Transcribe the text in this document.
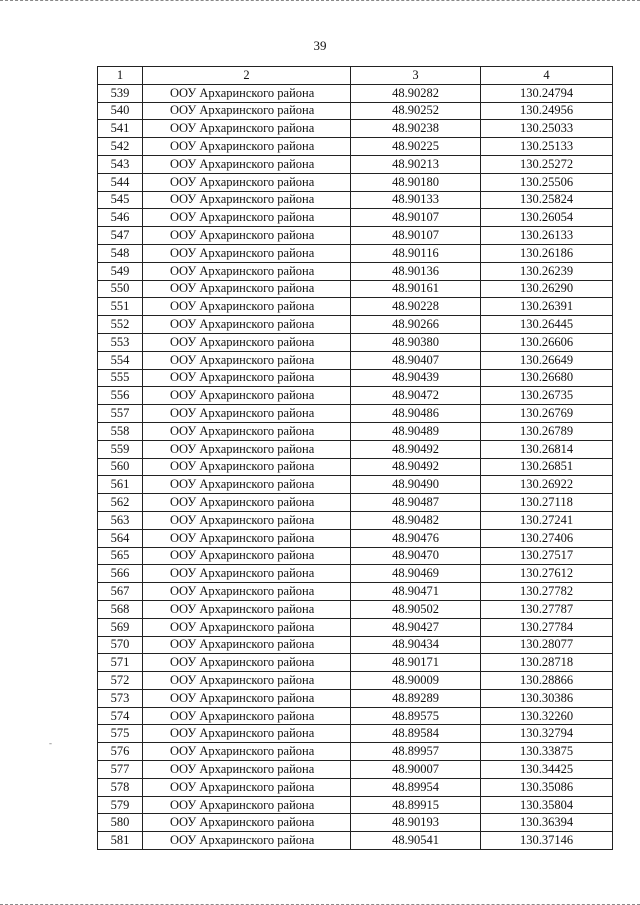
39
1	2	3	4
539	ООУ Архаринского района	48.90282	130.24794
540	ООУ Архаринского района	48.90252	130.24956
541	ООУ Архаринского района	48.90238	130.25033
542	ООУ Архаринского района	48.90225	130.25133
543	ООУ Архаринского района	48.90213	130.25272
544	ООУ Архаринского района	48.90180	130.25506
545	ООУ Архаринского района	48.90133	130.25824
546	ООУ Архаринского района	48.90107	130.26054
547	ООУ Архаринского района	48.90107	130.26133
548	ООУ Архаринского района	48.90116	130.26186
549	ООУ Архаринского района	48.90136	130.26239
550	ООУ Архаринского района	48.90161	130.26290
551	ООУ Архаринского района	48.90228	130.26391
552	ООУ Архаринского района	48.90266	130.26445
553	ООУ Архаринского района	48.90380	130.26606
554	ООУ Архаринского района	48.90407	130.26649
555	ООУ Архаринского района	48.90439	130.26680
556	ООУ Архаринского района	48.90472	130.26735
557	ООУ Архаринского района	48.90486	130.26769
558	ООУ Архаринского района	48.90489	130.26789
559	ООУ Архаринского района	48.90492	130.26814
560	ООУ Архаринского района	48.90492	130.26851
561	ООУ Архаринского района	48.90490	130.26922
562	ООУ Архаринского района	48.90487	130.27118
563	ООУ Архаринского района	48.90482	130.27241
564	ООУ Архаринского района	48.90476	130.27406
565	ООУ Архаринского района	48.90470	130.27517
566	ООУ Архаринского района	48.90469	130.27612
567	ООУ Архаринского района	48.90471	130.27782
568	ООУ Архаринского района	48.90502	130.27787
569	ООУ Архаринского района	48.90427	130.27784
570	ООУ Архаринского района	48.90434	130.28077
571	ООУ Архаринского района	48.90171	130.28718
572	ООУ Архаринского района	48.90009	130.28866
573	ООУ Архаринского района	48.89289	130.30386
574	ООУ Архаринского района	48.89575	130.32260
575	ООУ Архаринского района	48.89584	130.32794
576	ООУ Архаринского района	48.89957	130.33875
577	ООУ Архаринского района	48.90007	130.34425
578	ООУ Архаринского района	48.89954	130.35086
579	ООУ Архаринского района	48.89915	130.35804
580	ООУ Архаринского района	48.90193	130.36394
581	ООУ Архаринского района	48.90541	130.37146
-
